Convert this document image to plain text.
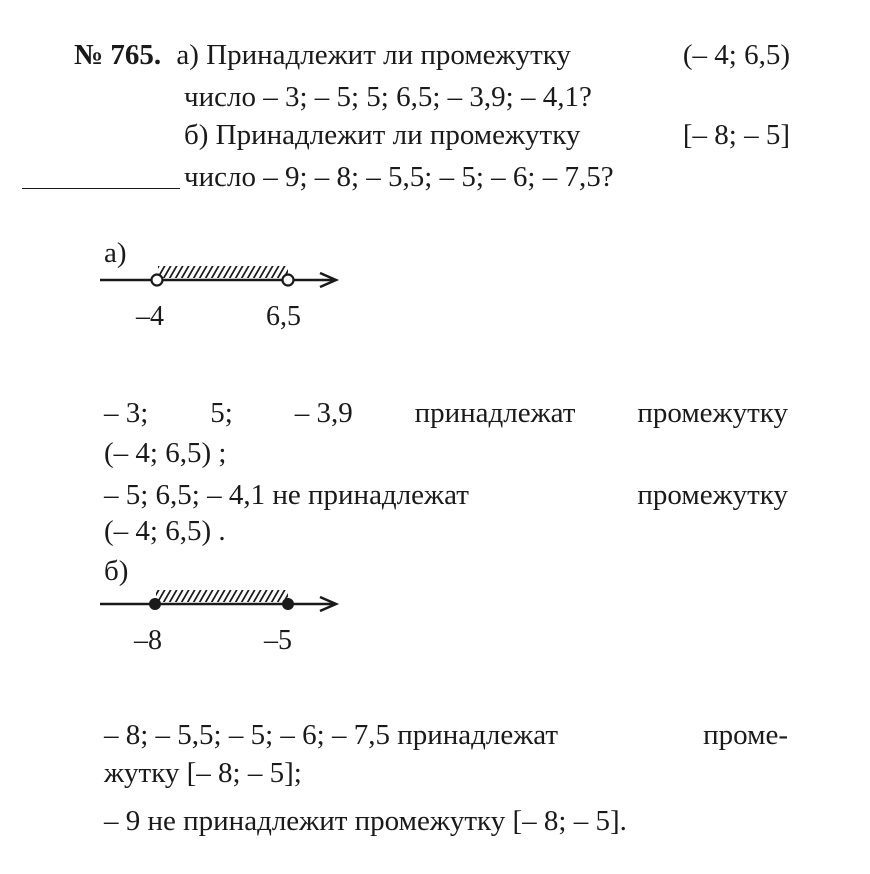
№ 765. а) Принадлежит ли промежутку	(– 4; 6,5)
число – 3; – 5; 5; 6,5; – 3,9; – 4,1?
б) Принадлежит ли промежутку	[– 8; – 5]
число – 9; – 8; – 5,5; – 5; – 6; – 7,5?
а)
–4	6,5
– 3; 5; – 3,9 принадлежат промежутку
(– 4; 6,5) ;
– 5; 6,5; – 4,1 не принадлежат	промежутку
(– 4; 6,5) .
б)
–8	–5
– 8; – 5,5; – 5; – 6; – 7,5 принадлежат	проме-
жутку [– 8; – 5];
– 9 не принадлежит промежутку [– 8; – 5].
